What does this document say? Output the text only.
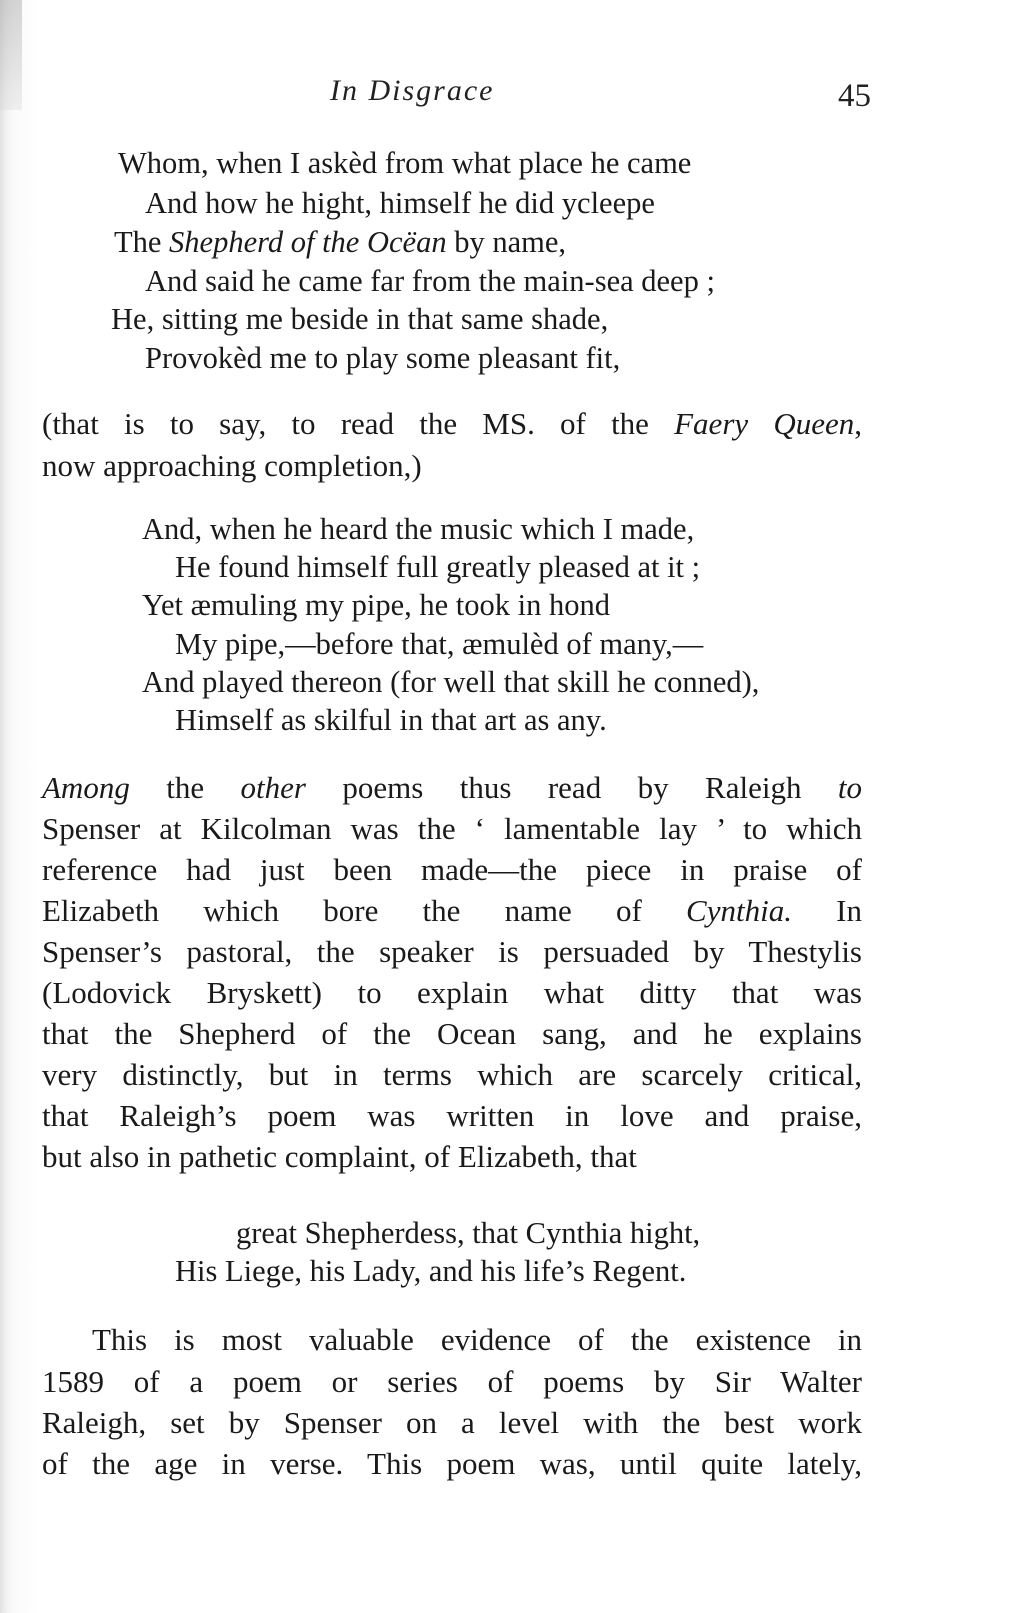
In Disgrace	45
Whom, when I askèd from what place he came
And how he hight, himself he did ycleepe
The Shepherd of the Ocëan by name,
And said he came far from the main-sea deep ;
He, sitting me beside in that same shade,
Provokèd me to play some pleasant fit,
(that is to say, to read the MS. of the Faery Queen,
now approaching completion,)
And, when he heard the music which I made,
He found himself full greatly pleased at it ;
Yet æmuling my pipe, he took in hond
My pipe,—before that, æmulèd of many,—
And played thereon (for well that skill he conned),
Himself as skilful in that art as any.
Among the other poems thus read by Raleigh to
Spenser at Kilcolman was the ‘ lamentable lay ’ to which
reference had just been made—the piece in praise of
Elizabeth which bore the name of Cynthia. In
Spenser’s pastoral, the speaker is persuaded by Thestylis
(Lodovick Bryskett) to explain what ditty that was
that the Shepherd of the Ocean sang, and he explains
very distinctly, but in terms which are scarcely critical,
that Raleigh’s poem was written in love and praise,
but also in pathetic complaint, of Elizabeth, that
great Shepherdess, that Cynthia hight,
His Liege, his Lady, and his life’s Regent.
This is most valuable evidence of the existence in
1589 of a poem or series of poems by Sir Walter
Raleigh, set by Spenser on a level with the best work
of the age in verse. This poem was, until quite lately,
